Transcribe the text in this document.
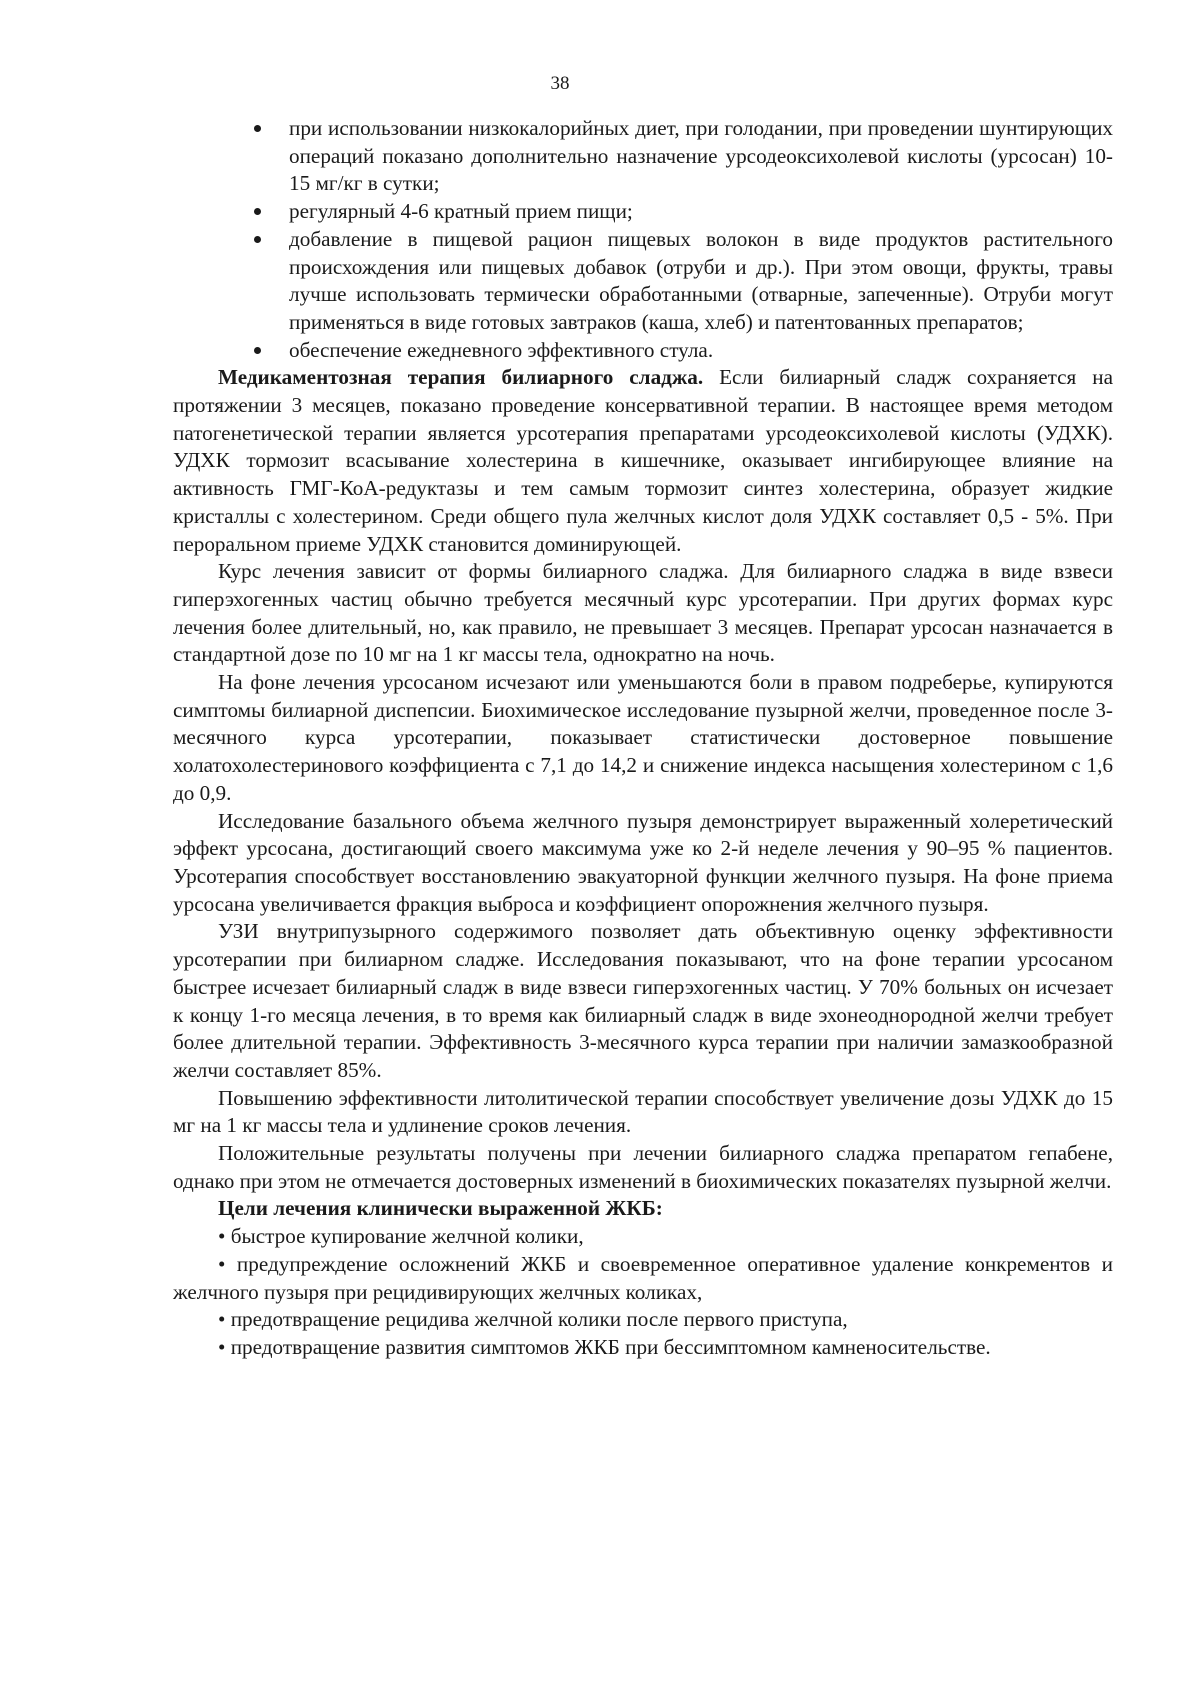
38
при использовании низкокалорийных диет, при голодании, при проведении шунтирующих операций показано дополнительно назначение урсодеоксихолевой кислоты (урсосан) 10-15 мг/кг в сутки;
регулярный 4-6 кратный прием пищи;
добавление в пищевой рацион пищевых волокон в виде продуктов растительного происхождения или пищевых добавок (отруби и др.). При этом овощи, фрукты, травы лучше использовать термически обработанными (отварные, запеченные). Отруби могут применяться в виде готовых завтраков (каша, хлеб) и патентованных препаратов;
обеспечение ежедневного эффективного стула.

Медикаментозная терапия билиарного сладжа. Если билиарный сладж сохраняется на протяжении 3 месяцев, показано проведение консервативной терапии. В настоящее время методом патогенетической терапии является урсотерапия препаратами урсодеоксихолевой кислоты (УДХК). УДХК тормозит всасывание холестерина в кишечнике, оказывает ингибирующее влияние на активность ГМГ-КоА-редуктазы и тем самым тормозит синтез холестерина, образует жидкие кристаллы с холестерином. Среди общего пула желчных кислот доля УДХК составляет 0,5 - 5%. При пероральном приеме УДХК становится доминирующей.

Курс лечения зависит от формы билиарного сладжа. Для билиарного сладжа в виде взвеси гиперэхогенных частиц обычно требуется месячный курс урсотерапии. При других формах курс лечения более длительный, но, как правило, не превышает 3 месяцев. Препарат урсосан назначается в стандартной дозе по 10 мг на 1 кг массы тела, однократно на ночь.

На фоне лечения урсосаном исчезают или уменьшаются боли в правом подреберье, купируются симптомы билиарной диспепсии. Биохимическое исследование пузырной желчи, проведенное после 3-месячного курса урсотерапии, показывает статистически достоверное повышение холатохолестеринового коэффициента с 7,1 до 14,2 и снижение индекса насыщения холестерином с 1,6 до 0,9.

Исследование базального объема желчного пузыря демонстрирует выраженный холеретический эффект урсосана, достигающий своего максимума уже ко 2-й неделе лечения у 90–95 % пациентов. Урсотерапия способствует восстановлению эвакуаторной функции желчного пузыря. На фоне приема урсосана увеличивается фракция выброса и коэффициент опорожнения желчного пузыря.

УЗИ внутрипузырного содержимого позволяет дать объективную оценку эффективности урсотерапии при билиарном сладже. Исследования показывают, что на фоне терапии урсосаном быстрее исчезает билиарный сладж в виде взвеси гиперэхогенных частиц. У 70% больных он исчезает к концу 1-го месяца лечения, в то время как билиарный сладж в виде эхонеоднородной желчи требует более длительной терапии. Эффективность 3-месячного курса терапии при наличии замазкообразной желчи составляет 85%.

Повышению эффективности литолитической терапии способствует увеличение дозы УДХК до 15 мг на 1 кг массы тела и удлинение сроков лечения.

Положительные результаты получены при лечении билиарного сладжа препаратом гепабене, однако при этом не отмечается достоверных изменений в биохимических показателях пузырной желчи.

Цели лечения клинически выраженной ЖКБ:

• быстрое купирование желчной колики,

• предупреждение осложнений ЖКБ и своевременное оперативное удаление конкрементов и желчного пузыря при рецидивирующих желчных коликах,

• предотвращение рецидива желчной колики после первого приступа,

• предотвращение развития симптомов ЖКБ при бессимптомном камненосительстве.
